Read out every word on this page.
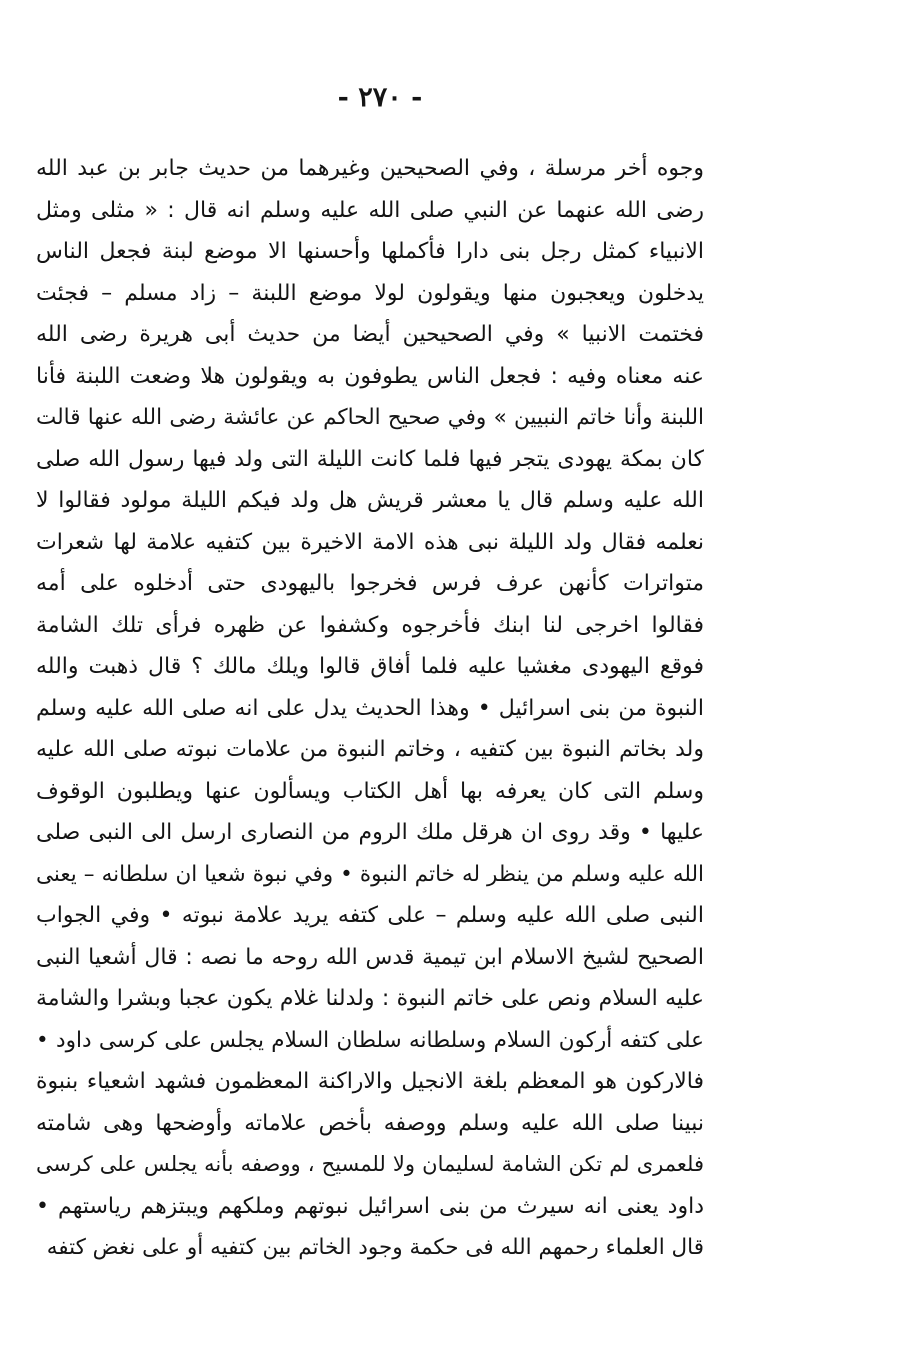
- ٢٧٠ -
وجوه أخر مرسلة ، وفي الصحيحين وغيرهما من حديث جابر بن عبد الله
رضى الله عنهما عن النبي صلى الله عليه وسلم انه قال : « مثلى ومثل
الانبياء كمثل رجل بنى دارا فأكملها وأحسنها الا موضع لبنة فجعل الناس
يدخلون ويعجبون منها ويقولون لولا موضع اللبنة – زاد مسلم – فجئت
فختمت الانبيا » وفي الصحيحين أيضا من حديث أبى هريرة رضى الله
عنه معناه وفيه : فجعل الناس يطوفون به ويقولون هلا وضعت اللبنة فأنا
اللبنة وأنا خاتم النبيين » وفي صحيح الحاكم عن عائشة رضى الله عنها قالت
كان بمكة يهودى يتجر فيها فلما كانت الليلة التى ولد فيها رسول الله صلى
الله عليه وسلم قال يا معشر قريش هل ولد فيكم الليلة مولود فقالوا لا
نعلمه فقال ولد الليلة نبى هذه الامة الاخيرة بين كتفيه علامة لها شعرات
متواترات كأنهن عرف فرس فخرجوا باليهودى حتى أدخلوه على أمه
فقالوا اخرجى لنا ابنك فأخرجوه وكشفوا عن ظهره فرأى تلك الشامة
فوقع اليهودى مغشيا عليه فلما أفاق قالوا ويلك مالك ؟ قال ذهبت والله
النبوة من بنى اسرائيل • وهذا الحديث يدل على انه صلى الله عليه وسلم
ولد بخاتم النبوة بين كتفيه ، وخاتم النبوة من علامات نبوته صلى الله عليه
وسلم التى كان يعرفه بها أهل الكتاب ويسألون عنها ويطلبون الوقوف
عليها • وقد روى ان هرقل ملك الروم من النصارى ارسل الى النبى صلى
الله عليه وسلم من ينظر له خاتم النبوة • وفي نبوة شعيا ان سلطانه – يعنى
النبى صلى الله عليه وسلم – على كتفه يريد علامة نبوته • وفي الجواب
الصحيح لشيخ الاسلام ابن تيمية قدس الله روحه ما نصه : قال أشعيا النبى
عليه السلام ونص على خاتم النبوة : ولدلنا غلام يكون عجبا وبشرا والشامة
على كتفه أركون السلام وسلطانه سلطان السلام يجلس على كرسى داود •
فالاركون هو المعظم بلغة الانجيل والاراكنة المعظمون فشهد اشعياء بنبوة
نبينا صلى الله عليه وسلم ووصفه بأخص علاماته وأوضحها وهى شامته
فلعمرى لم تكن الشامة لسليمان ولا للمسيح ، ووصفه بأنه يجلس على كرسى
داود يعنى انه سيرث من بنى اسرائيل نبوتهم وملكهم ويبتزهم رياستهم •
قال العلماء رحمهم الله فى حكمة وجود الخاتم بين كتفيه أو على نغض كتفه
